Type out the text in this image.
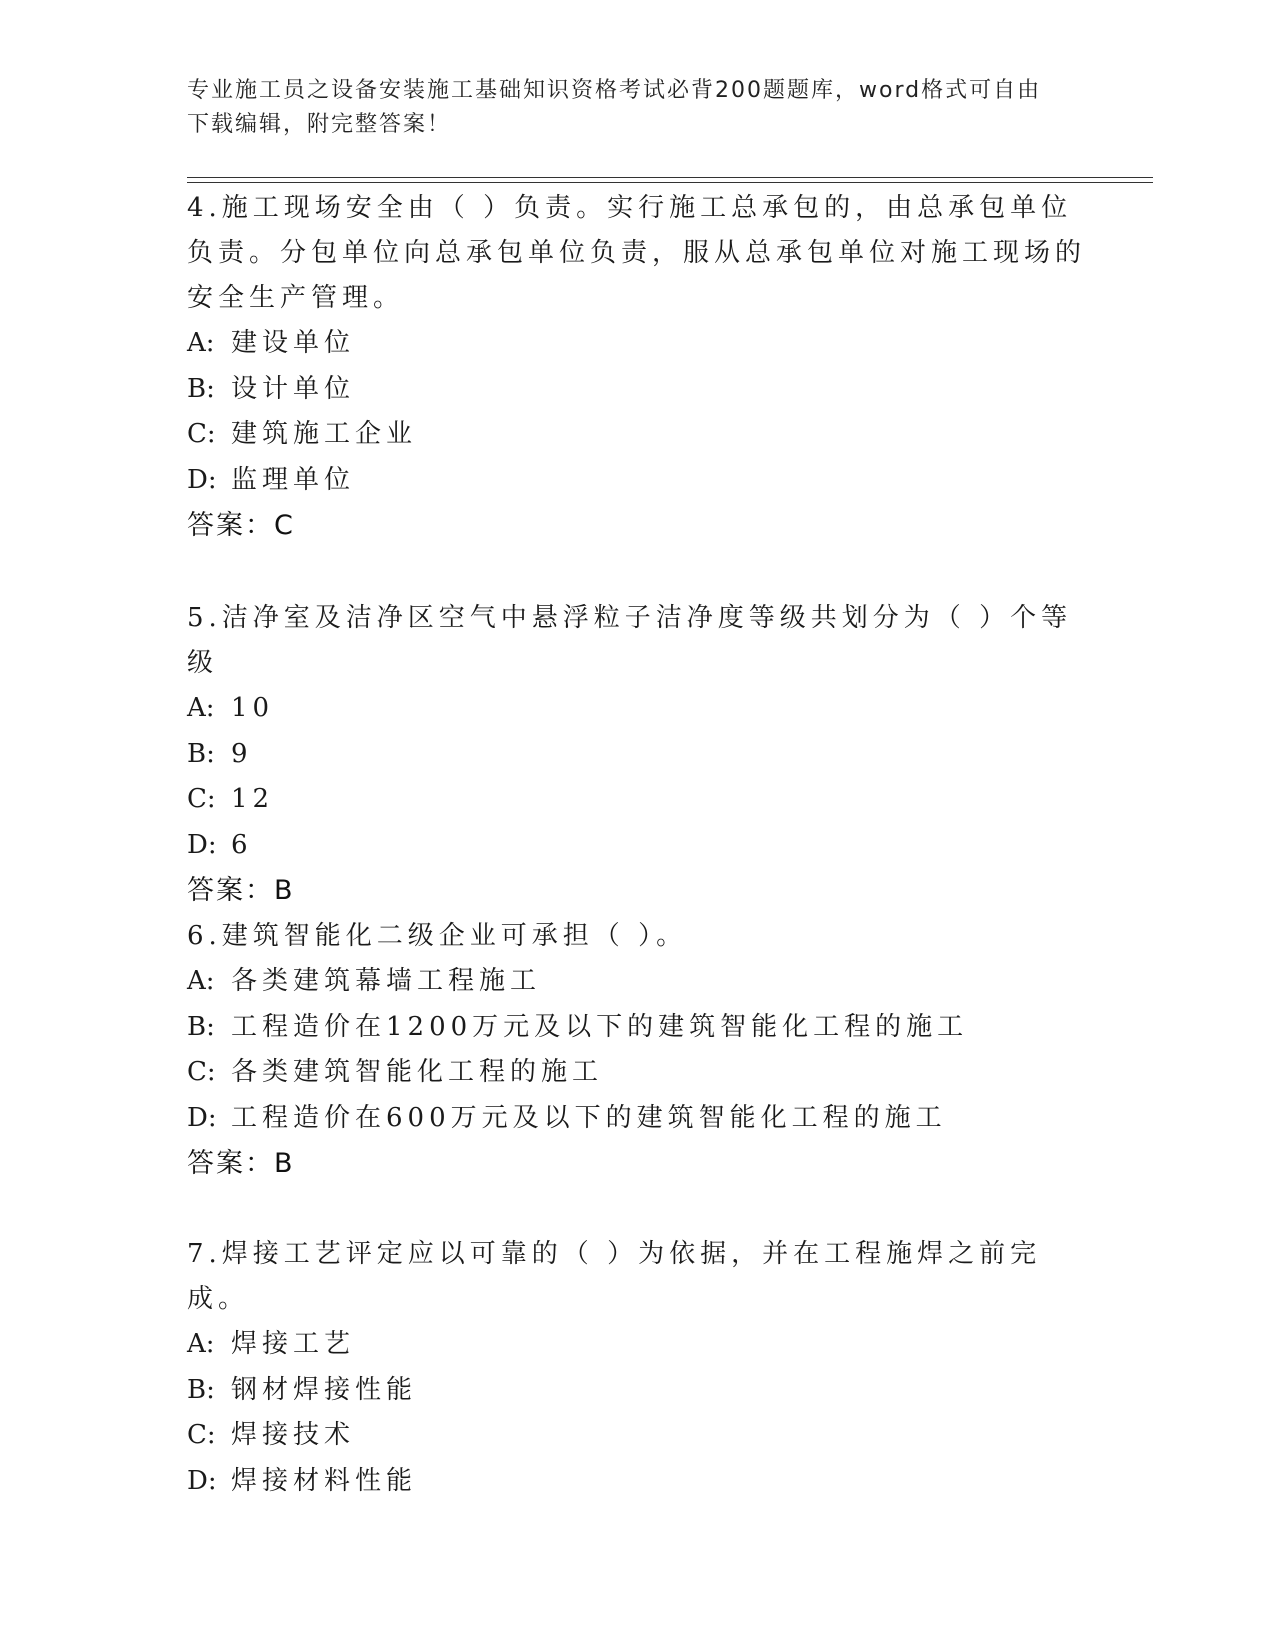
专业施工员之设备安装施工基础知识资格考试必背200题题库，word格式可自由
下载编辑，附完整答案！

4.施工现场安全由（ ）负责。实行施工总承包的，由总承包单位负责。分包单位向总承包单位负责，服从总承包单位对施工现场的安全生产管理。

A: 建设单位
B: 设计单位
C: 建筑施工企业
D: 监理单位
答案：C

5.洁净室及洁净区空气中悬浮粒子洁净度等级共划分为（ ）个等级

A: 10
B: 9
C: 12
D: 6
答案：B

6.建筑智能化二级企业可承担（ ）。

A: 各类建筑幕墙工程施工
B: 工程造价在1200万元及以下的建筑智能化工程的施工
C: 各类建筑智能化工程的施工
D: 工程造价在600万元及以下的建筑智能化工程的施工
答案：B

7.焊接工艺评定应以可靠的（ ）为依据，并在工程施焊之前完成。

A: 焊接工艺
B: 钢材焊接性能
C: 焊接技术
D: 焊接材料性能
